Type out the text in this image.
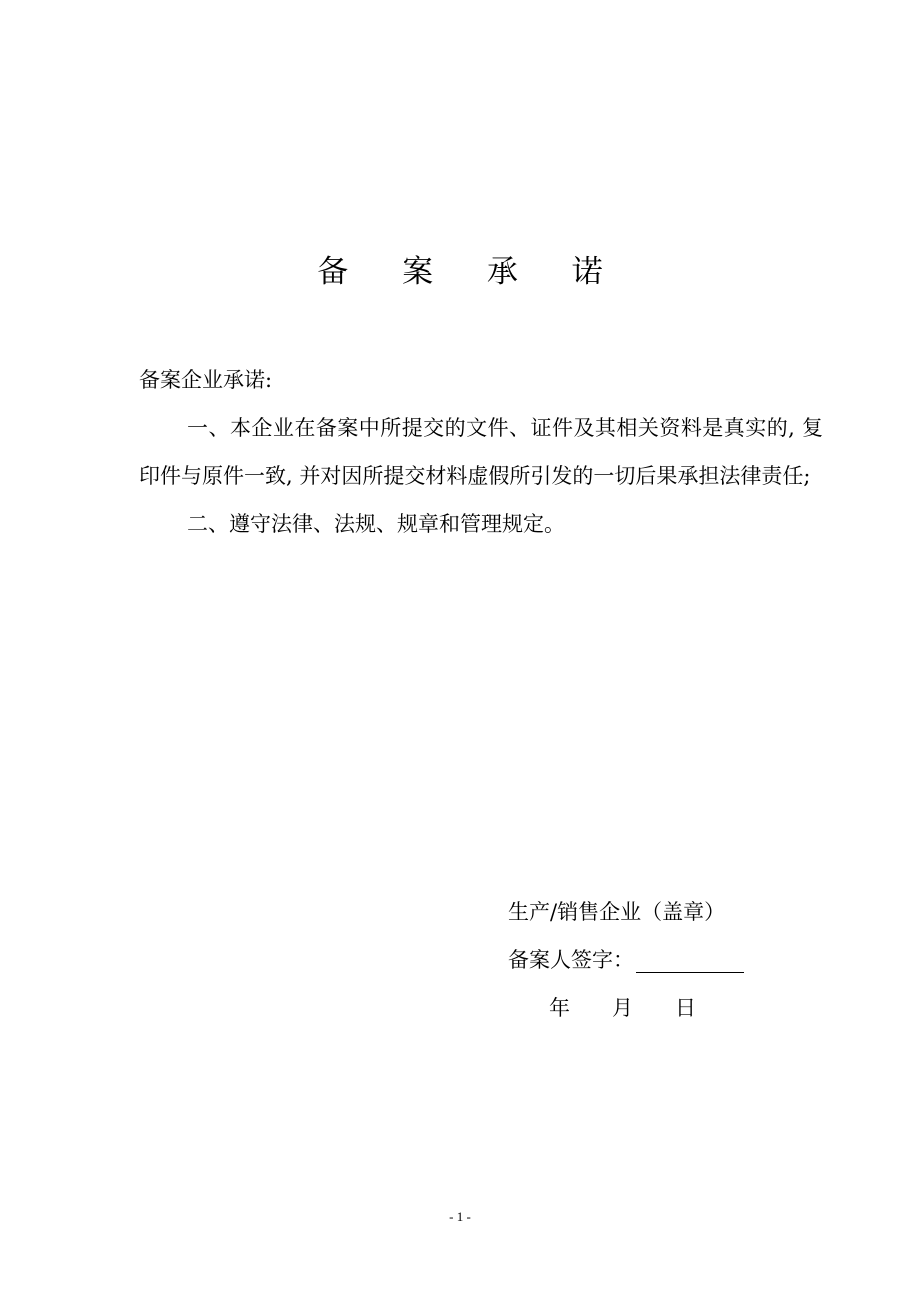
备 案 承 诺
备案企业承诺:

一、本企业在备案中所提交的文件、证件及其相关资料是真实的, 复印件与原件一致, 并对因所提交材料虚假所引发的一切后果承担法律责任;

二、遵守法律、法规、规章和管理规定。

生产/销售企业（盖章）
备案人签字：
年 月 日
- 1 -
